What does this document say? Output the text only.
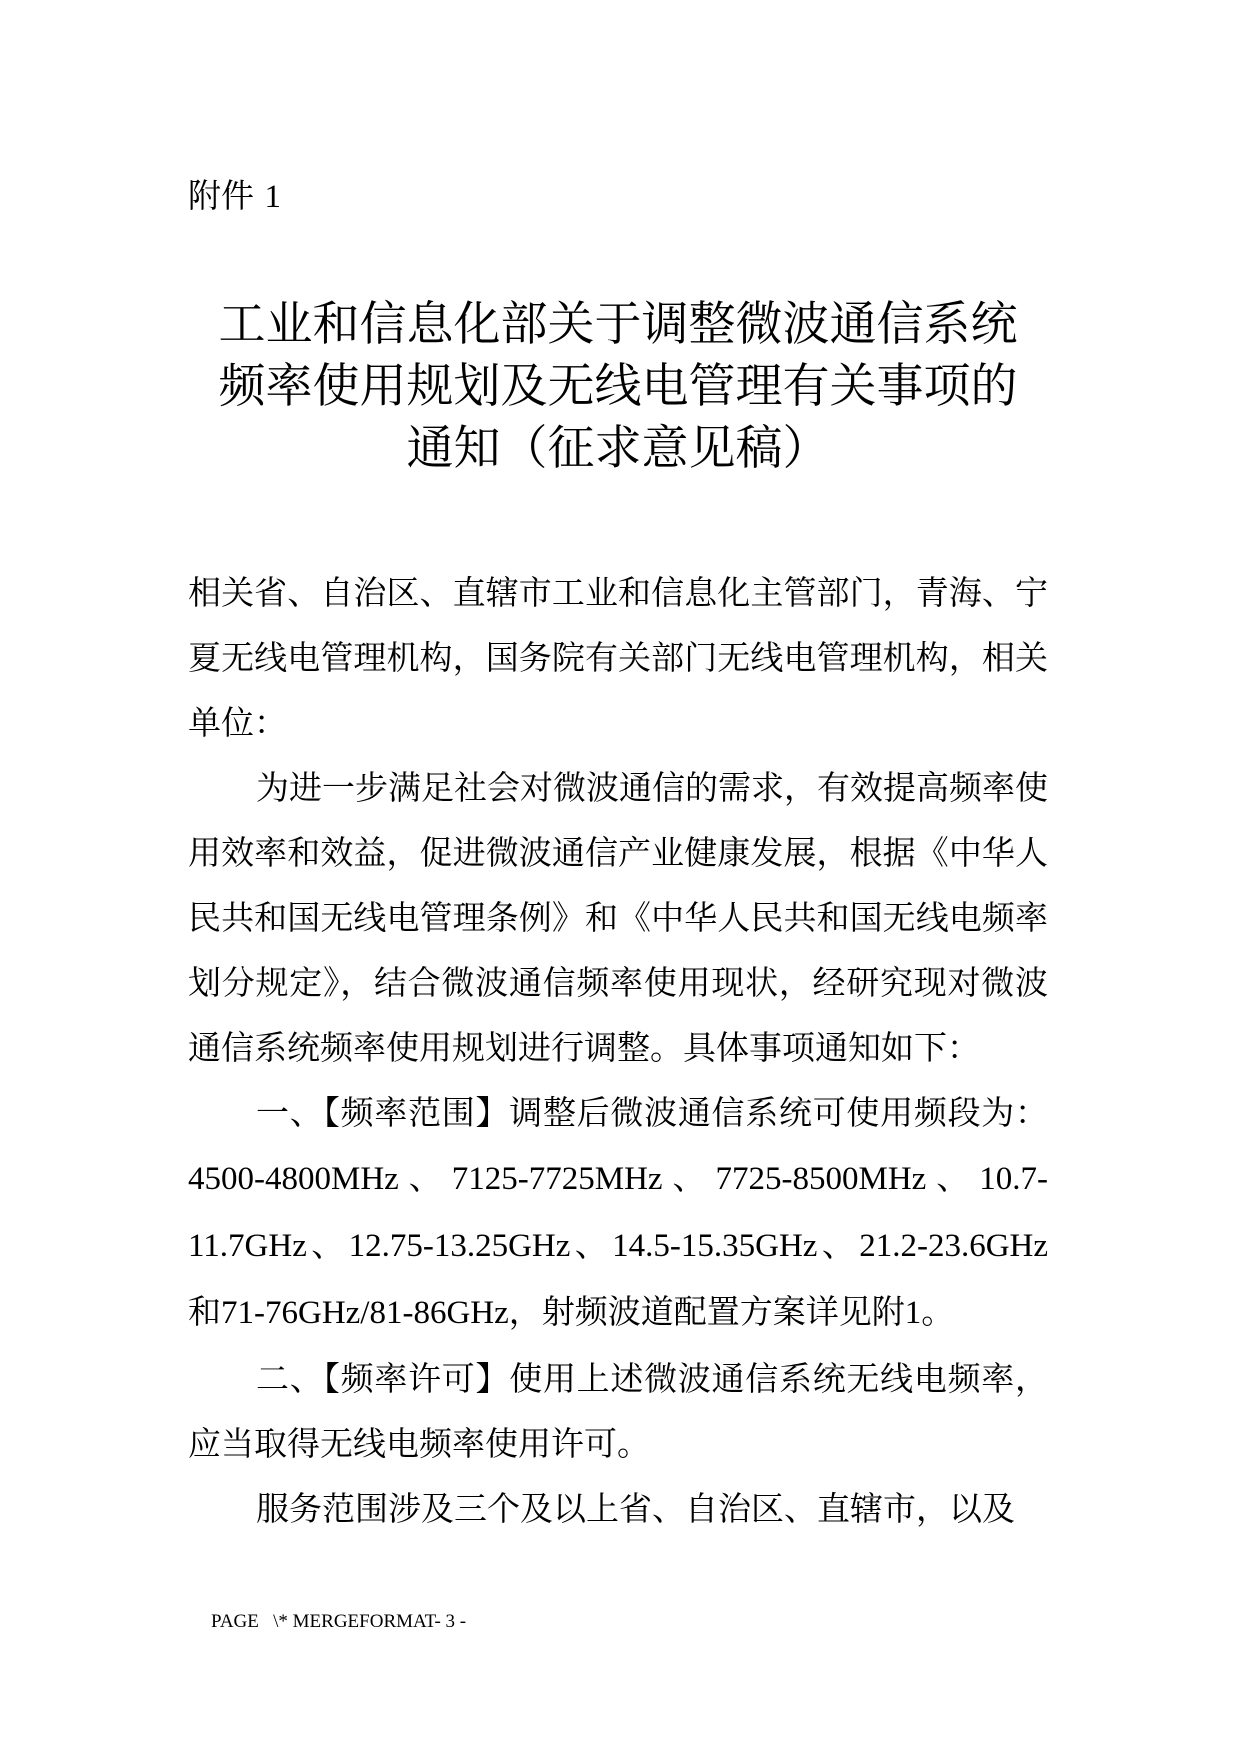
附件 1
工业和信息化部关于调整微波通信系统
频率使用规划及无线电管理有关事项的
通知（征求意见稿）

相关省、自治区、直辖市工业和信息化主管部门，青海、宁夏无线电管理机构，国务院有关部门无线电管理机构，相关单位：

为进一步满足社会对微波通信的需求，有效提高频率使用效率和效益，促进微波通信产业健康发展，根据《中华人民共和国无线电管理条例》和《中华人民共和国无线电频率划分规定》，结合微波通信频率使用现状，经研究现对微波通信系统频率使用规划进行调整。具体事项通知如下：

一、【频率范围】调整后微波通信系统可使用频段为：4500-4800MHz、7125-7725MHz、7725-8500MHz、10.7-11.7GHz、12.75-13.25GHz、14.5-15.35GHz、21.2-23.6GHz和71-76GHz/81-86GHz，射频波道配置方案详见附1。

二、【频率许可】使用上述微波通信系统无线电频率，应当取得无线电频率使用许可。

服务范围涉及三个及以上省、自治区、直辖市，以及

PAGE   \* MERGEFORMAT- 3 -
